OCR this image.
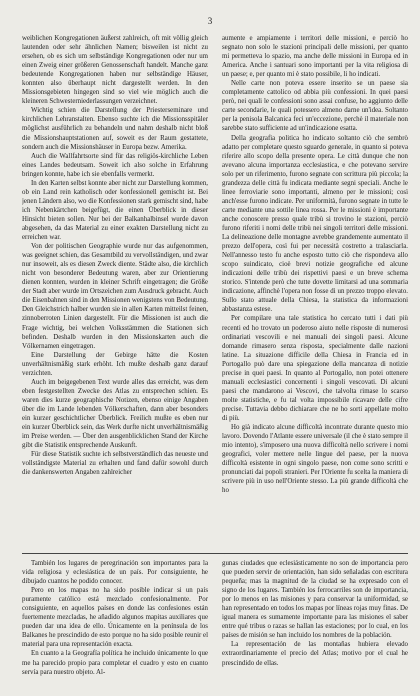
3

weiblichen Kongregationen äußerst zahlreich, oft mit völlig gleich lautenden oder sehr ähnlichen Namen; bisweilen ist nicht zu ersehen, ob es sich um selbständige Kongregationen oder nur um einen Zweig einer größeren Genossenschaft handelt. Manche ganz bedeutende Kongregationen haben nur selbständige Häuser, konnten also überhaupt nicht dargestellt werden. In den Missionsgebieten hingegen sind so viel wie möglich auch die kleineren Schwesterniederlassungen verzeichnet.

Wichtig schien die Darstellung der Priesterseminare und kirchlichen Lehranstalten. Ebenso suchte ich die Missionsspitäler möglichst ausführlich zu behandeln und nahm deshalb nicht bloß die Missionshauptstationen auf, soweit es der Raum gestattete, sondern auch die Missionshäuser in Europa bezw. Amerika.

Auch die Wallfahrtsorte sind für das religiös-kirchliche Leben eines Landes bedeutsam. Soweit ich also solche in Erfahrung bringen konnte, habe ich sie ebenfalls vermerkt.

In den Karten selbst konnte aber nicht zur Darstellung kommen, ob ein Land rein katholisch oder konfessionell gemischt ist. Bei jenen Ländern also, wo die Konfessionen stark gemischt sind, habe ich Nebenkärtchen beigefügt, die einen Überblick in dieser Hinsicht bieten sollen. Nur bei der Balkanhalbinsel wurde davon abgesehen, da das Material zu einer exakten Darstellung nicht zu erreichen war.

Von der politischen Geographie wurde nur das aufgenommen, was geeignet schien, das Gesamtbild zu vervollständigen, und zwar nur insoweit, als es diesen Zweck diente. Städte also, die kirchlich nicht von besonderer Bedeutung waren, aber zur Orientierung dienen konnten, wurden in kleiner Schrift eingetragen; die Größe der Stadt aber wurde im Ortszeichen zum Ausdruck gebracht. Auch die Eisenbahnen sind in den Missionen wenigstens von Bedeutung. Den Gleichstrich halber wurden sie in allen Karten mitteilst feinen, zinnoberroten Linien dargestellt. Für die Missionen ist auch die Frage wichtig, bei welchen Volksstämmen die Stationen sich befinden. Deshalb wurden in den Missionskarten auch die Völkernamen eingetragen.

Eine Darstellung der Gebirge hätte die Kosten unverhältnismäßig stark erhöht. Ich mußte deshalb ganz darauf verzichten.

Auch im beigegebenen Text wurde alles das erreicht, was dem eben festgestellten Zwecke des Atlas zu entsprechen schien. Es waren dies kurze geographische Notizen, ebenso einige Angaben über die im Lande lebenden Völkerschaften, dann aber besonders ein kurzer geschichtlicher Überblick. Freilich mußte es eben nur ein kurzer Überblick sein, das Werk durfte nicht unverhältnismäßig im Preise werden. — Über den ausgenblicklichen Stand der Kirche gibt die Statistik entsprechende Auskunft.

Für diese Statistik suchte ich selbstverständlich das neueste und vollständigste Material zu erhalten und fand dafür sowohl durch die dankenswerten Angaben zahlreicher

aumente e ampiamente i territori delle missioni, e perciò ho segnato non solo le stazioni principali delle missioni, per quanto mi permetteva lo spazio, ma anche delle missioni in Europa ed in America. Anche i santuari sono importanti per la vita religiosa di un paese; e, per quanto mi è stato possibile, li ho indicati.

Nelle carte non poteva essere inserito se un paese sia completamente cattolico od abbia più confessioni. In quei paesi però, nei quali le confessioni sono assai confuse, ho aggiunto delle carte secondarie, le quali potessero almeno darne un'idea. Soltanto per la penisola Balcanica feci un'eccezione, perchè il materiale non sarebbe stato sufficiente ad un'indicazione esatta.

Della geografia politica ho indicato soltanto ciò che sembrò adatto per completare questo sguardo generale, in quanto si poteva riferire allo scopo della presente opera. Le città dunque che non avevano alcuna importanza ecclesiastica, e che potevano servire solo per un riferimento, furono segnate con scrittura più piccola; la grandezza delle città fu indicata mediante segni speciali. Anche le linee ferroviarie sono importanti, almeno per le missioni; così anch'esse furono indicate. Per uniformità, furono segnate in tutte le carte mediante una sottile linea rossa. Per le missioni è importante anche conoscere presso quale tribù si trovino le stazioni, perciò furono riferiti i nomi delle tribù nei singoli territori delle missioni. La delineazione delle montagne avrebbe grandemente aumentato il prezzo dell'opera, così fui per necessità costretto a tralasciarla. Nell'annesso testo fu anche esposto tutto ciò che rispondeva allo scopo suindicato, cioè brevi notizie geografiche ed alcune indicazioni delle tribù dei rispettivi paesi e un breve schema storico. S'intende però che tutte dovette limitarsi ad una sommaria indicazione, affinchè l'opera non fosse di un prezzo troppo elevato. Sullo stato attuale della Chiesa, la statistica da informazioni abbastanza estese.

Per compilare una tale statistica ho cercato tutti i dati più recenti ed ho trovato un poderoso aiuto nelle risposte di numerosi ordinariati vescovili e nei manuali dei singoli paesi. Alcune domande rimasero senza risposta, specialmente dalle nazioni latine. La situazione difficile della Chiesa in Francia ed in Portogallo può dare una spiegazione della mancanza di notizie precise in quei paesi. In quanto al Portogallo, non potei ottenere manuali ecclesiastici concernenti i singoli vescovati. Di alcuni paesi che mandarono ai Vescovi, che talvolta rimase lo scarso molte statistiche, e fu tal volta impossibile ricavare delle cifre precise. Tuttavia debbo dichiarare che ne ho sorti appellate molto di più.

Ho già indicato alcune difficoltà incontrate durante questo mio lavoro. Dovendo l'Atlante essere universale (il che è stato sempre il mio intento), s'imposero una nuova difficoltà nello scrivere i nomi geografici, voler mettere nelle lingue del paese, per la nuova difficoltà esistente in ogni singolo paese, non come sono scritti e pronunciati dai popoli stranieri. Per l'Oriente fu scelta la maniera di scrivere più in uso nell'Oriente stesso. La più grande difficoltà che ho

También los lugares de peregrinación son importantes para la vida religiosa y eclesiástica de un país. Por consiguiente, he dibujado cuantos he podido conocer.

Pero en los mapas no ha sido posible indicar si un país puramente católico está mezclado confesionalmente. Por consiguiente, en aquellos países en donde las confesiones están fuertemente mezcladas, he añadido algunos mapitas auxiliares que pueden dar una idea de ello. Únicamente en la península de los Balkanes he prescindido de esto porque no ha sido posible reunir el material para una representación exacta.

En cuanto a la Geografía política he incluido únicamente lo que me ha parecido propio para completar el cuadro y esto en cuanto servía para nuestro objeto. Al-

gunas ciudades que eclesiásticamente no son de importancia pero que pueden servir de orientación, han sido señaladas con escritura pequeña; mas la magnitud de la ciudad se ha expresado con el signo de los lugares. También los ferrocarriles son de importancia, por lo menos en las misiones y para conservar la uniformidad, se han representado en todos los mapas por líneas rojas muy finas. De igual manera es sumamente importante para las misiones el saber entre qué tribus o razas se hallan las estaciones; por lo cual, en los países de misión se han incluido los nombres de la población.

La representación de las montañas hubiera elevado extraordinariamente el precio del Atlas; motivo por el cual he prescindido de ellas.
